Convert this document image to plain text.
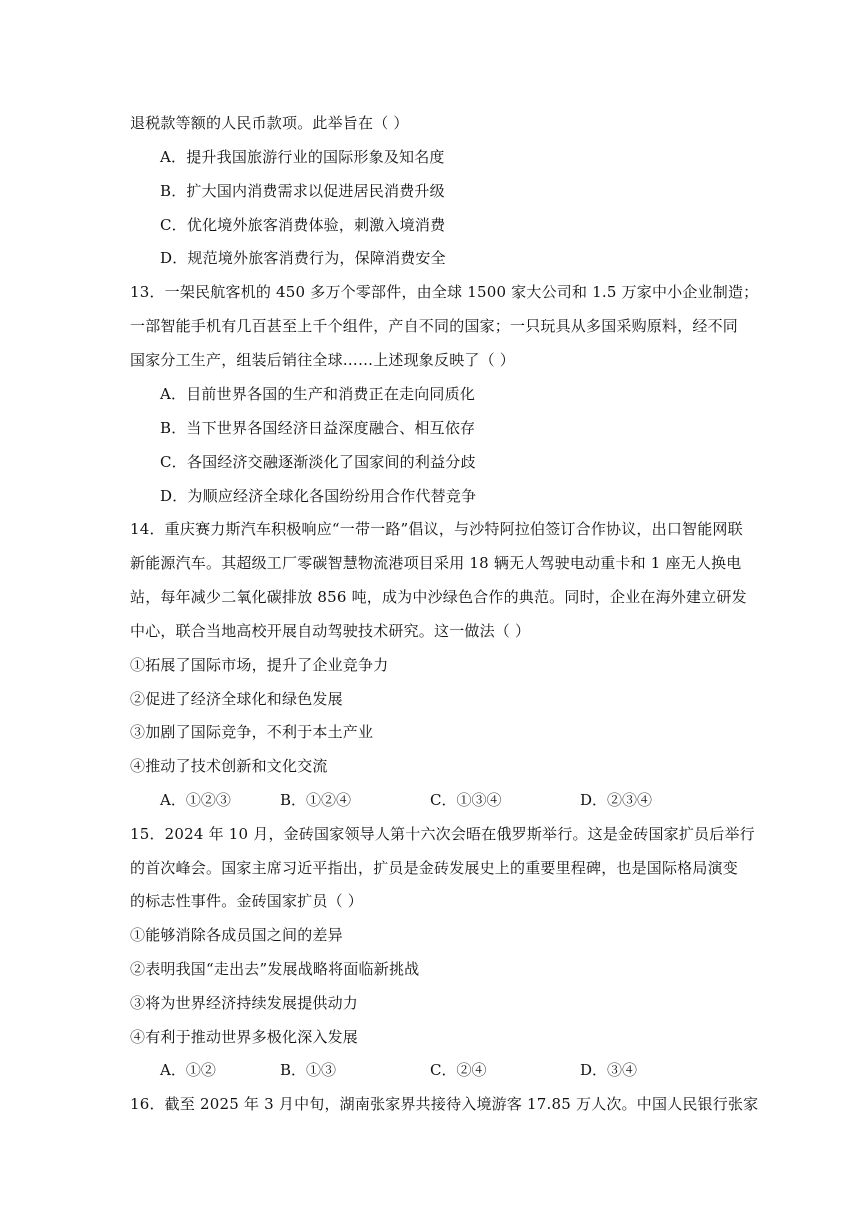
退税款等额的人民币款项。此举旨在（ ）
A．提升我国旅游行业的国际形象及知名度
B．扩大国内消费需求以促进居民消费升级
C．优化境外旅客消费体验，刺激入境消费
D．规范境外旅客消费行为，保障消费安全
13．一架民航客机的 450 多万个零部件，由全球 1500 家大公司和 1.5 万家中小企业制造；
一部智能手机有几百甚至上千个组件，产自不同的国家；一只玩具从多国采购原料，经不同
国家分工生产，组装后销往全球……上述现象反映了（ ）
A．目前世界各国的生产和消费正在走向同质化
B．当下世界各国经济日益深度融合、相互依存
C．各国经济交融逐渐淡化了国家间的利益分歧
D．为顺应经济全球化各国纷纷用合作代替竞争
14．重庆赛力斯汽车积极响应“一带一路”倡议，与沙特阿拉伯签订合作协议，出口智能网联
新能源汽车。其超级工厂零碳智慧物流港项目采用 18 辆无人驾驶电动重卡和 1 座无人换电
站，每年减少二氧化碳排放 856 吨，成为中沙绿色合作的典范。同时，企业在海外建立研发
中心，联合当地高校开展自动驾驶技术研究。这一做法（ ）
①拓展了国际市场，提升了企业竞争力
②促进了经济全球化和绿色发展
③加剧了国际竞争，不利于本土产业
④推动了技术创新和文化交流
A．①②③	B．①②④	C．①③④	D．②③④
15．2024 年 10 月，金砖国家领导人第十六次会晤在俄罗斯举行。这是金砖国家扩员后举行
的首次峰会。国家主席习近平指出，扩员是金砖发展史上的重要里程碑，也是国际格局演变
的标志性事件。金砖国家扩员（ ）
①能够消除各成员国之间的差异
②表明我国“走出去”发展战略将面临新挑战
③将为世界经济持续发展提供动力
④有利于推动世界多极化深入发展
A．①②	B．①③	C．②④	D．③④
16．截至 2025 年 3 月中旬，湖南张家界共接待入境游客 17.85 万人次。中国人民银行张家
